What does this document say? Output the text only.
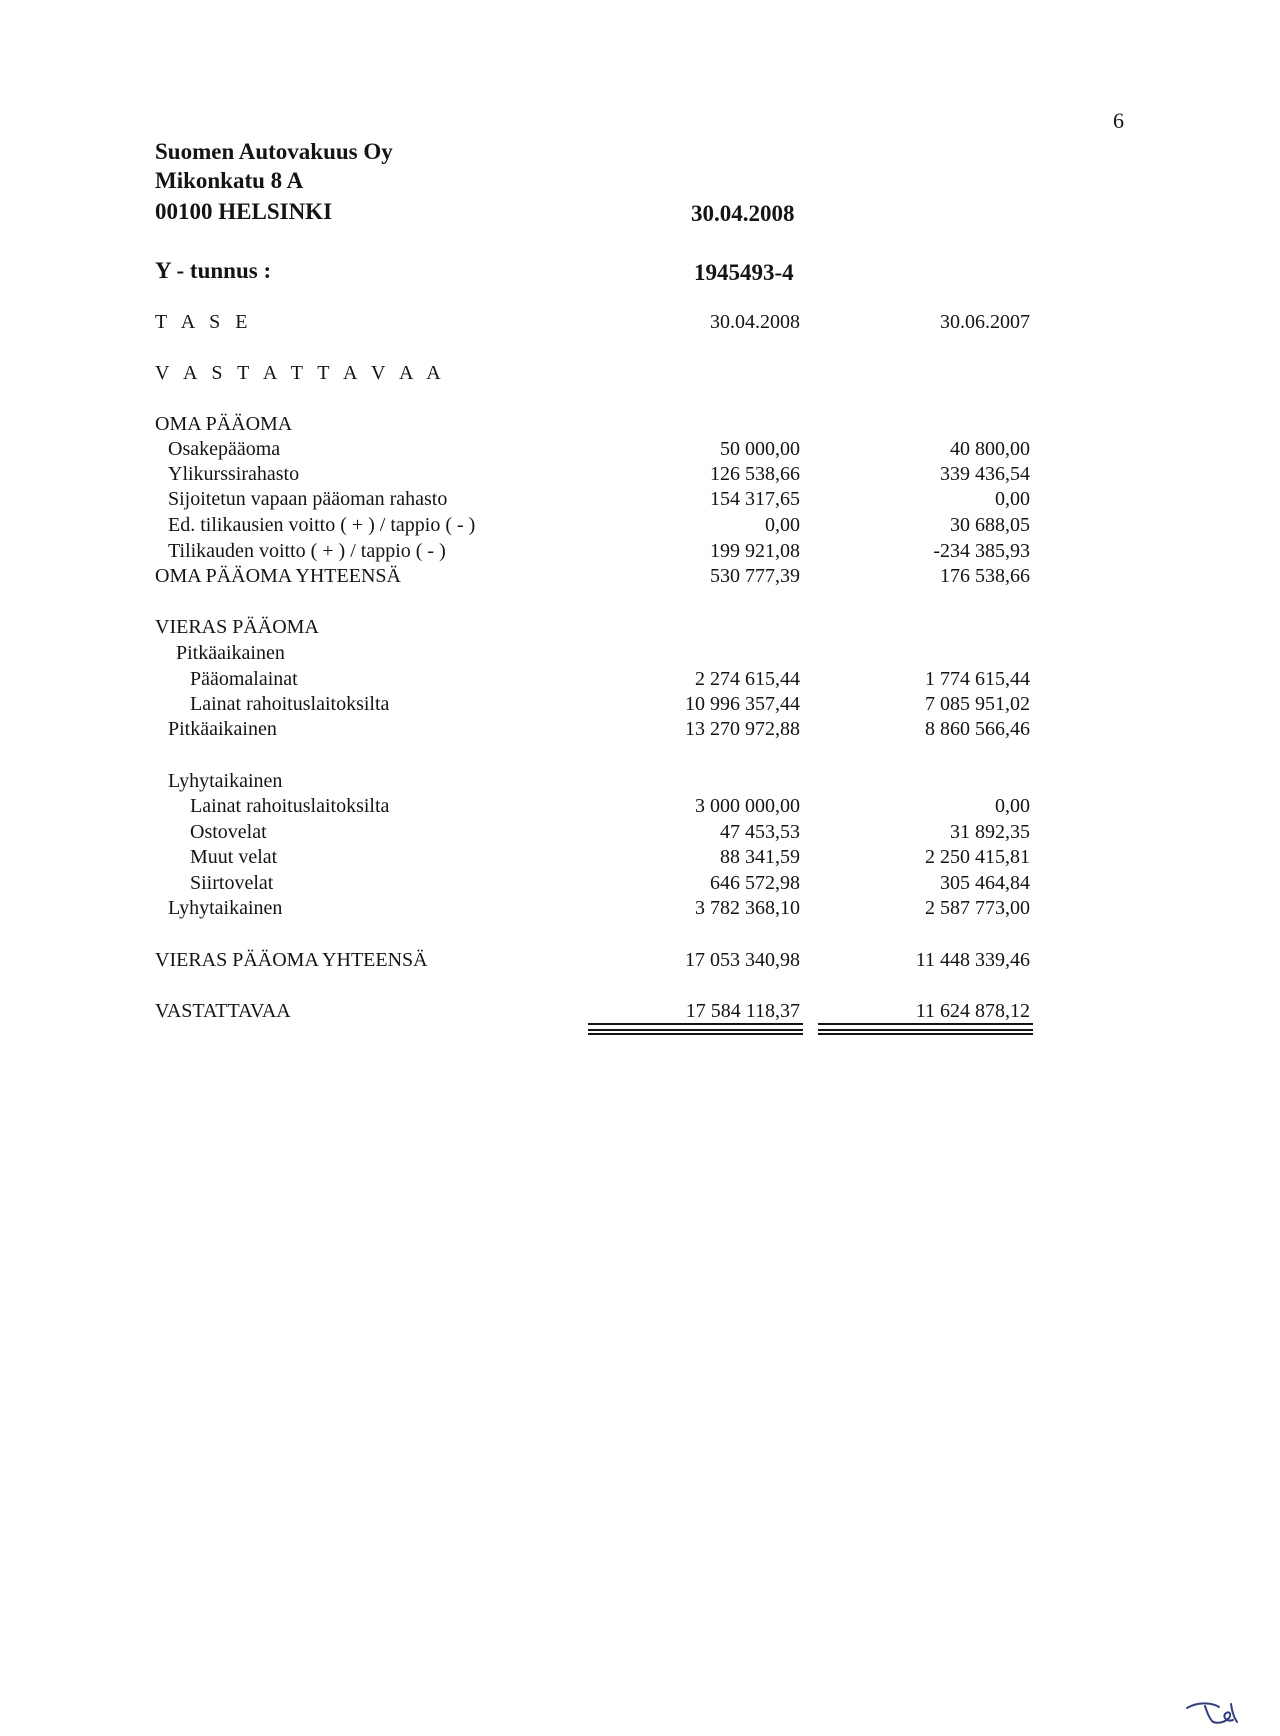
6
Suomen Autovakuus Oy
Mikonkatu 8 A
00100 HELSINKI	30.04.2008
Y - tunnus :	1945493-4
T A S E	30.04.2008	30.06.2007
V A S T A T T A V A A
OMA PÄÄOMA
Osakepääoma	50 000,00	40 800,00
Ylikurssirahasto	126 538,66	339 436,54
Sijoitetun vapaan pääoman rahasto	154 317,65	0,00
Ed. tilikausien voitto ( + ) / tappio ( - )	0,00	30 688,05
Tilikauden voitto ( + ) / tappio ( - )	199 921,08	-234 385,93
OMA PÄÄOMA YHTEENSÄ	530 777,39	176 538,66
VIERAS PÄÄOMA
Pitkäaikainen
Pääomalainat	2 274 615,44	1 774 615,44
Lainat rahoituslaitoksilta	10 996 357,44	7 085 951,02
Pitkäaikainen	13 270 972,88	8 860 566,46
Lyhytaikainen
Lainat rahoituslaitoksilta	3 000 000,00	0,00
Ostovelat	47 453,53	31 892,35
Muut velat	88 341,59	2 250 415,81
Siirtovelat	646 572,98	305 464,84
Lyhytaikainen	3 782 368,10	2 587 773,00
VIERAS PÄÄOMA YHTEENSÄ	17 053 340,98	11 448 339,46
VASTATTAVAA	17 584 118,37	11 624 878,12
